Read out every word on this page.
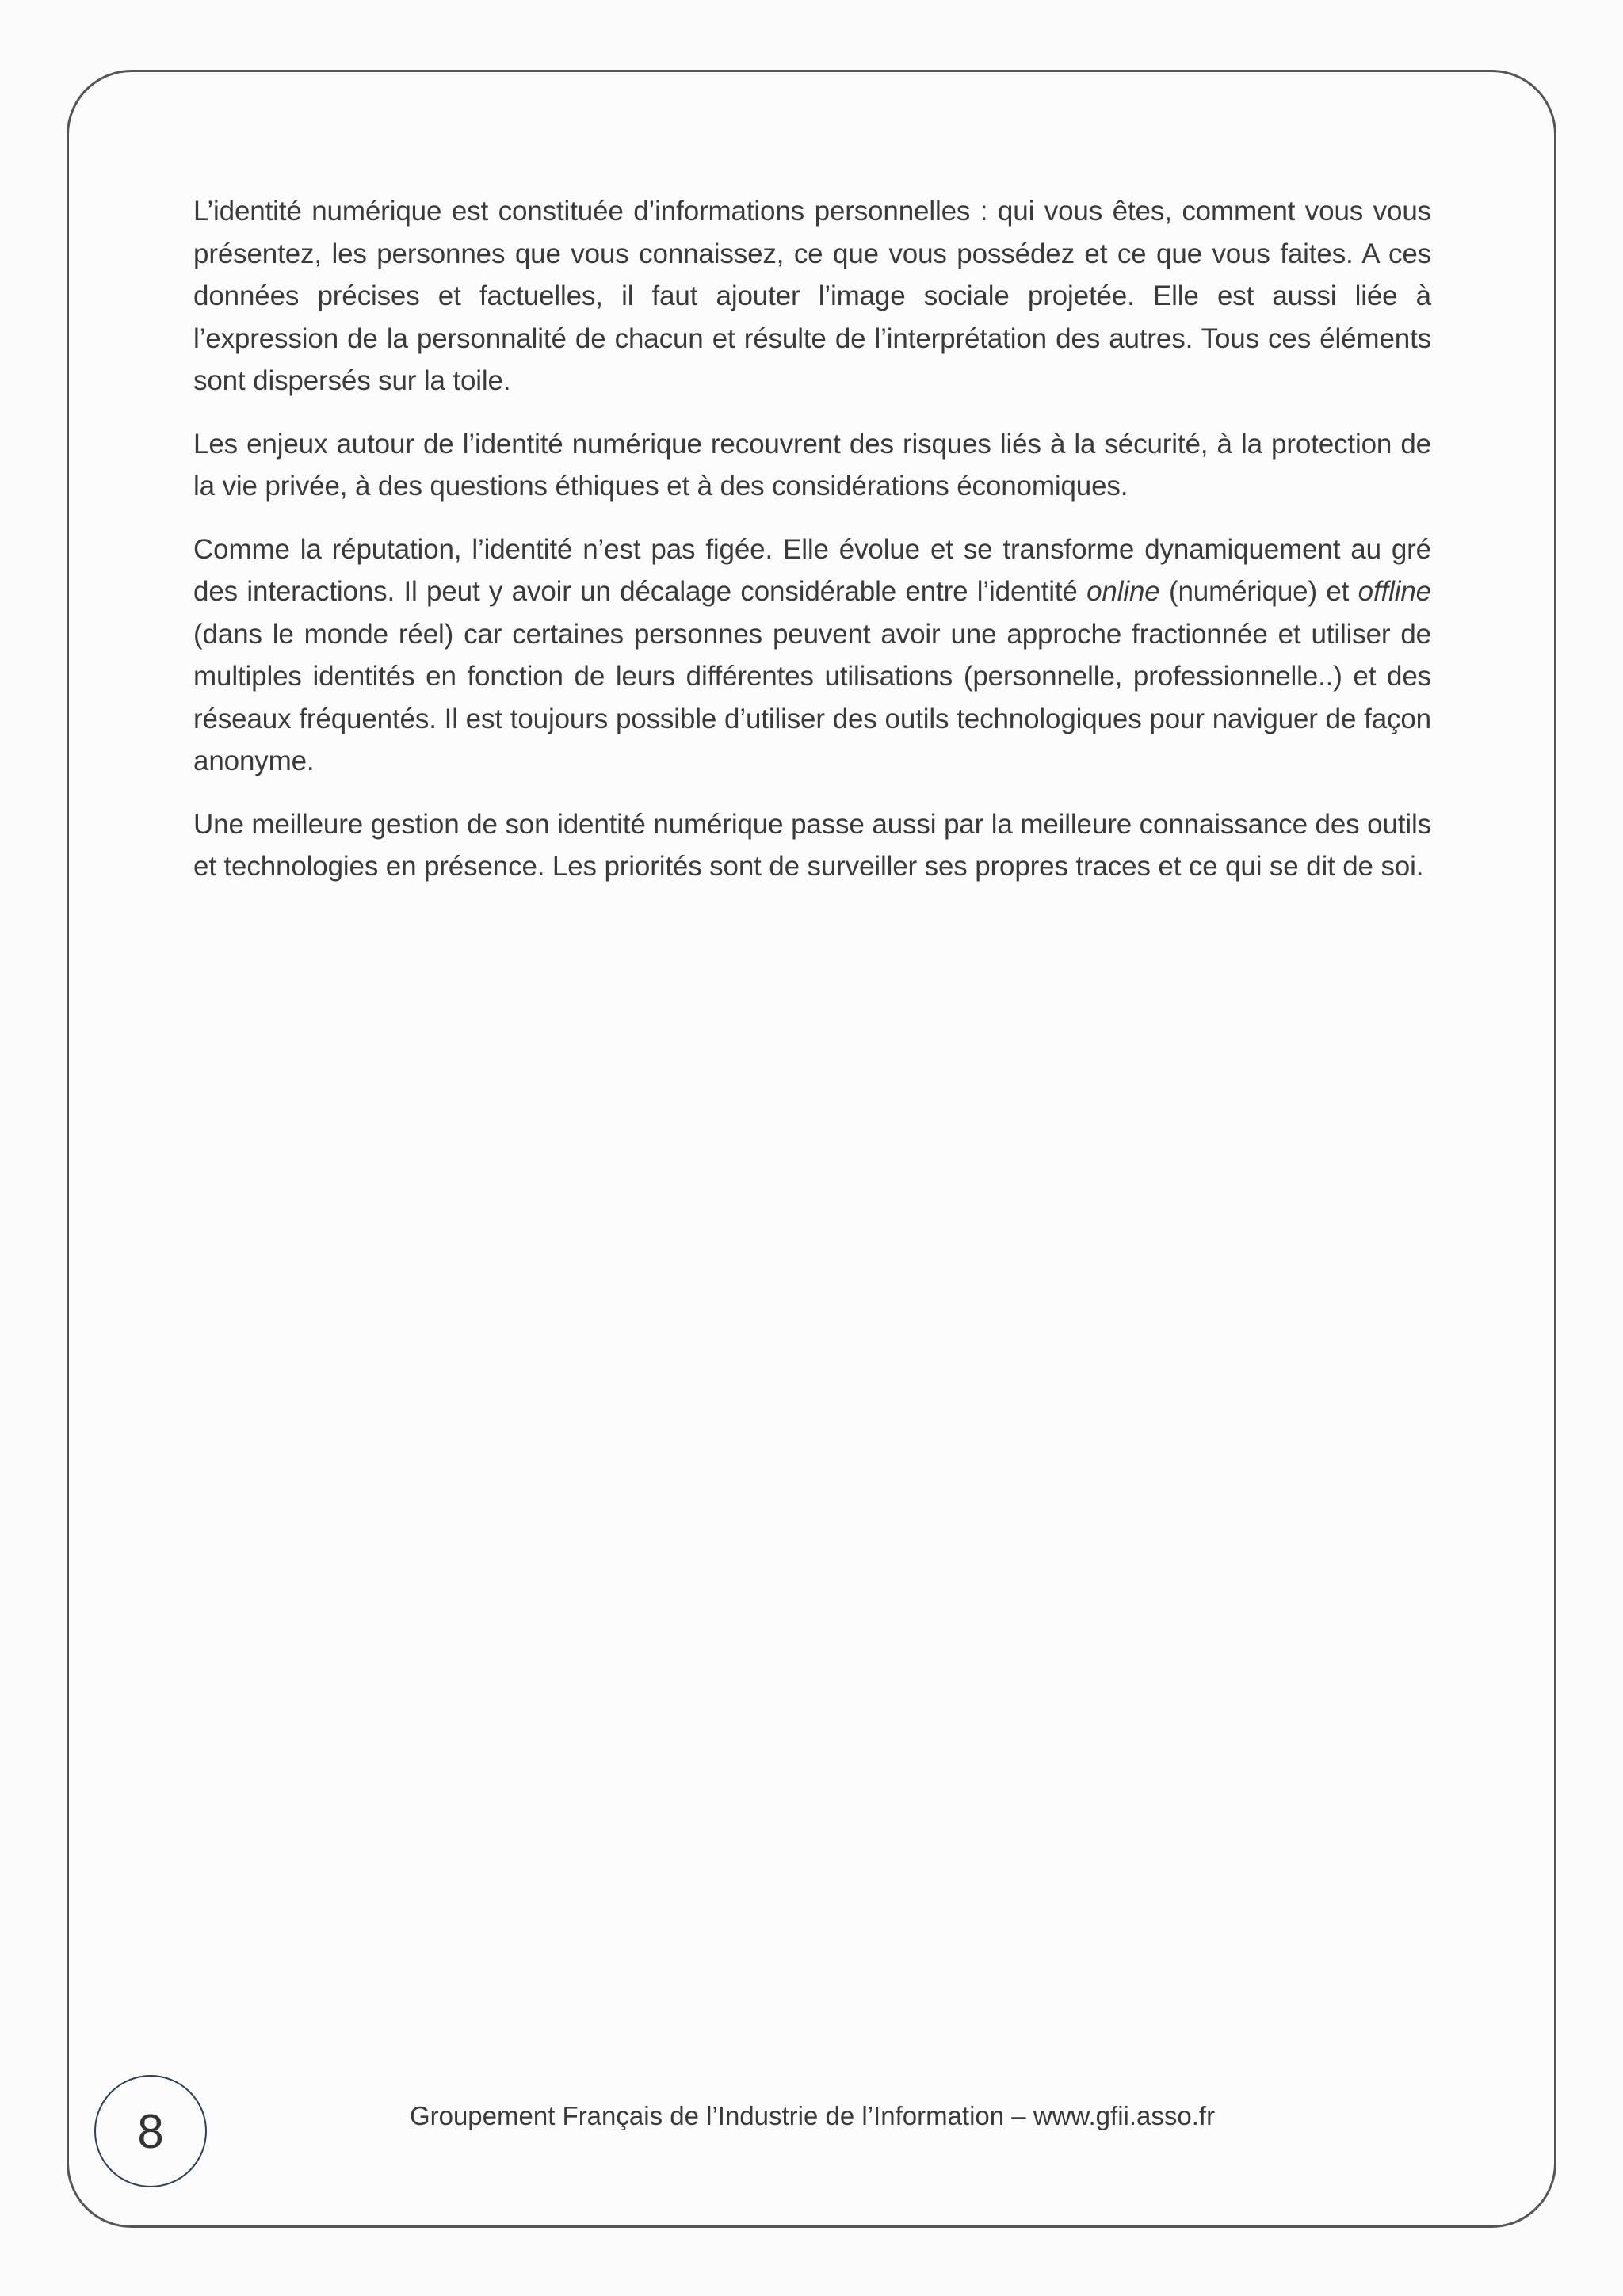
L’identité numérique est constituée d’informations personnelles : qui vous êtes, comment vous vous présentez, les personnes que vous connaissez, ce que vous possédez et ce que vous faites. A ces données précises et factuelles, il faut ajouter l’image sociale projetée. Elle est aussi liée à l’expression de la personnalité de chacun et résulte de l’interprétation des autres. Tous ces éléments sont dispersés sur la toile.

Les enjeux autour de l’identité numérique recouvrent des risques liés à la sécurité, à la protection de la vie privée, à des questions éthiques et à des considérations économiques.

Comme la réputation, l’identité n’est pas figée. Elle évolue et se transforme dynamiquement au gré des interactions. Il peut y avoir un décalage considérable entre l’identité online (numérique) et offline (dans le monde réel) car certaines personnes peuvent avoir une approche fractionnée et utiliser de multiples identités en fonction de leurs différentes utilisations (personnelle, professionnelle..) et des réseaux fréquentés. Il est toujours possible d’utiliser des outils technologiques pour naviguer de façon anonyme.

Une meilleure gestion de son identité numérique passe aussi par la meilleure connaissance des outils et technologies en présence. Les priorités sont de surveiller ses propres traces et ce qui se dit de soi.

8	Groupement Français de l’Industrie de l’Information – www.gfii.asso.fr
